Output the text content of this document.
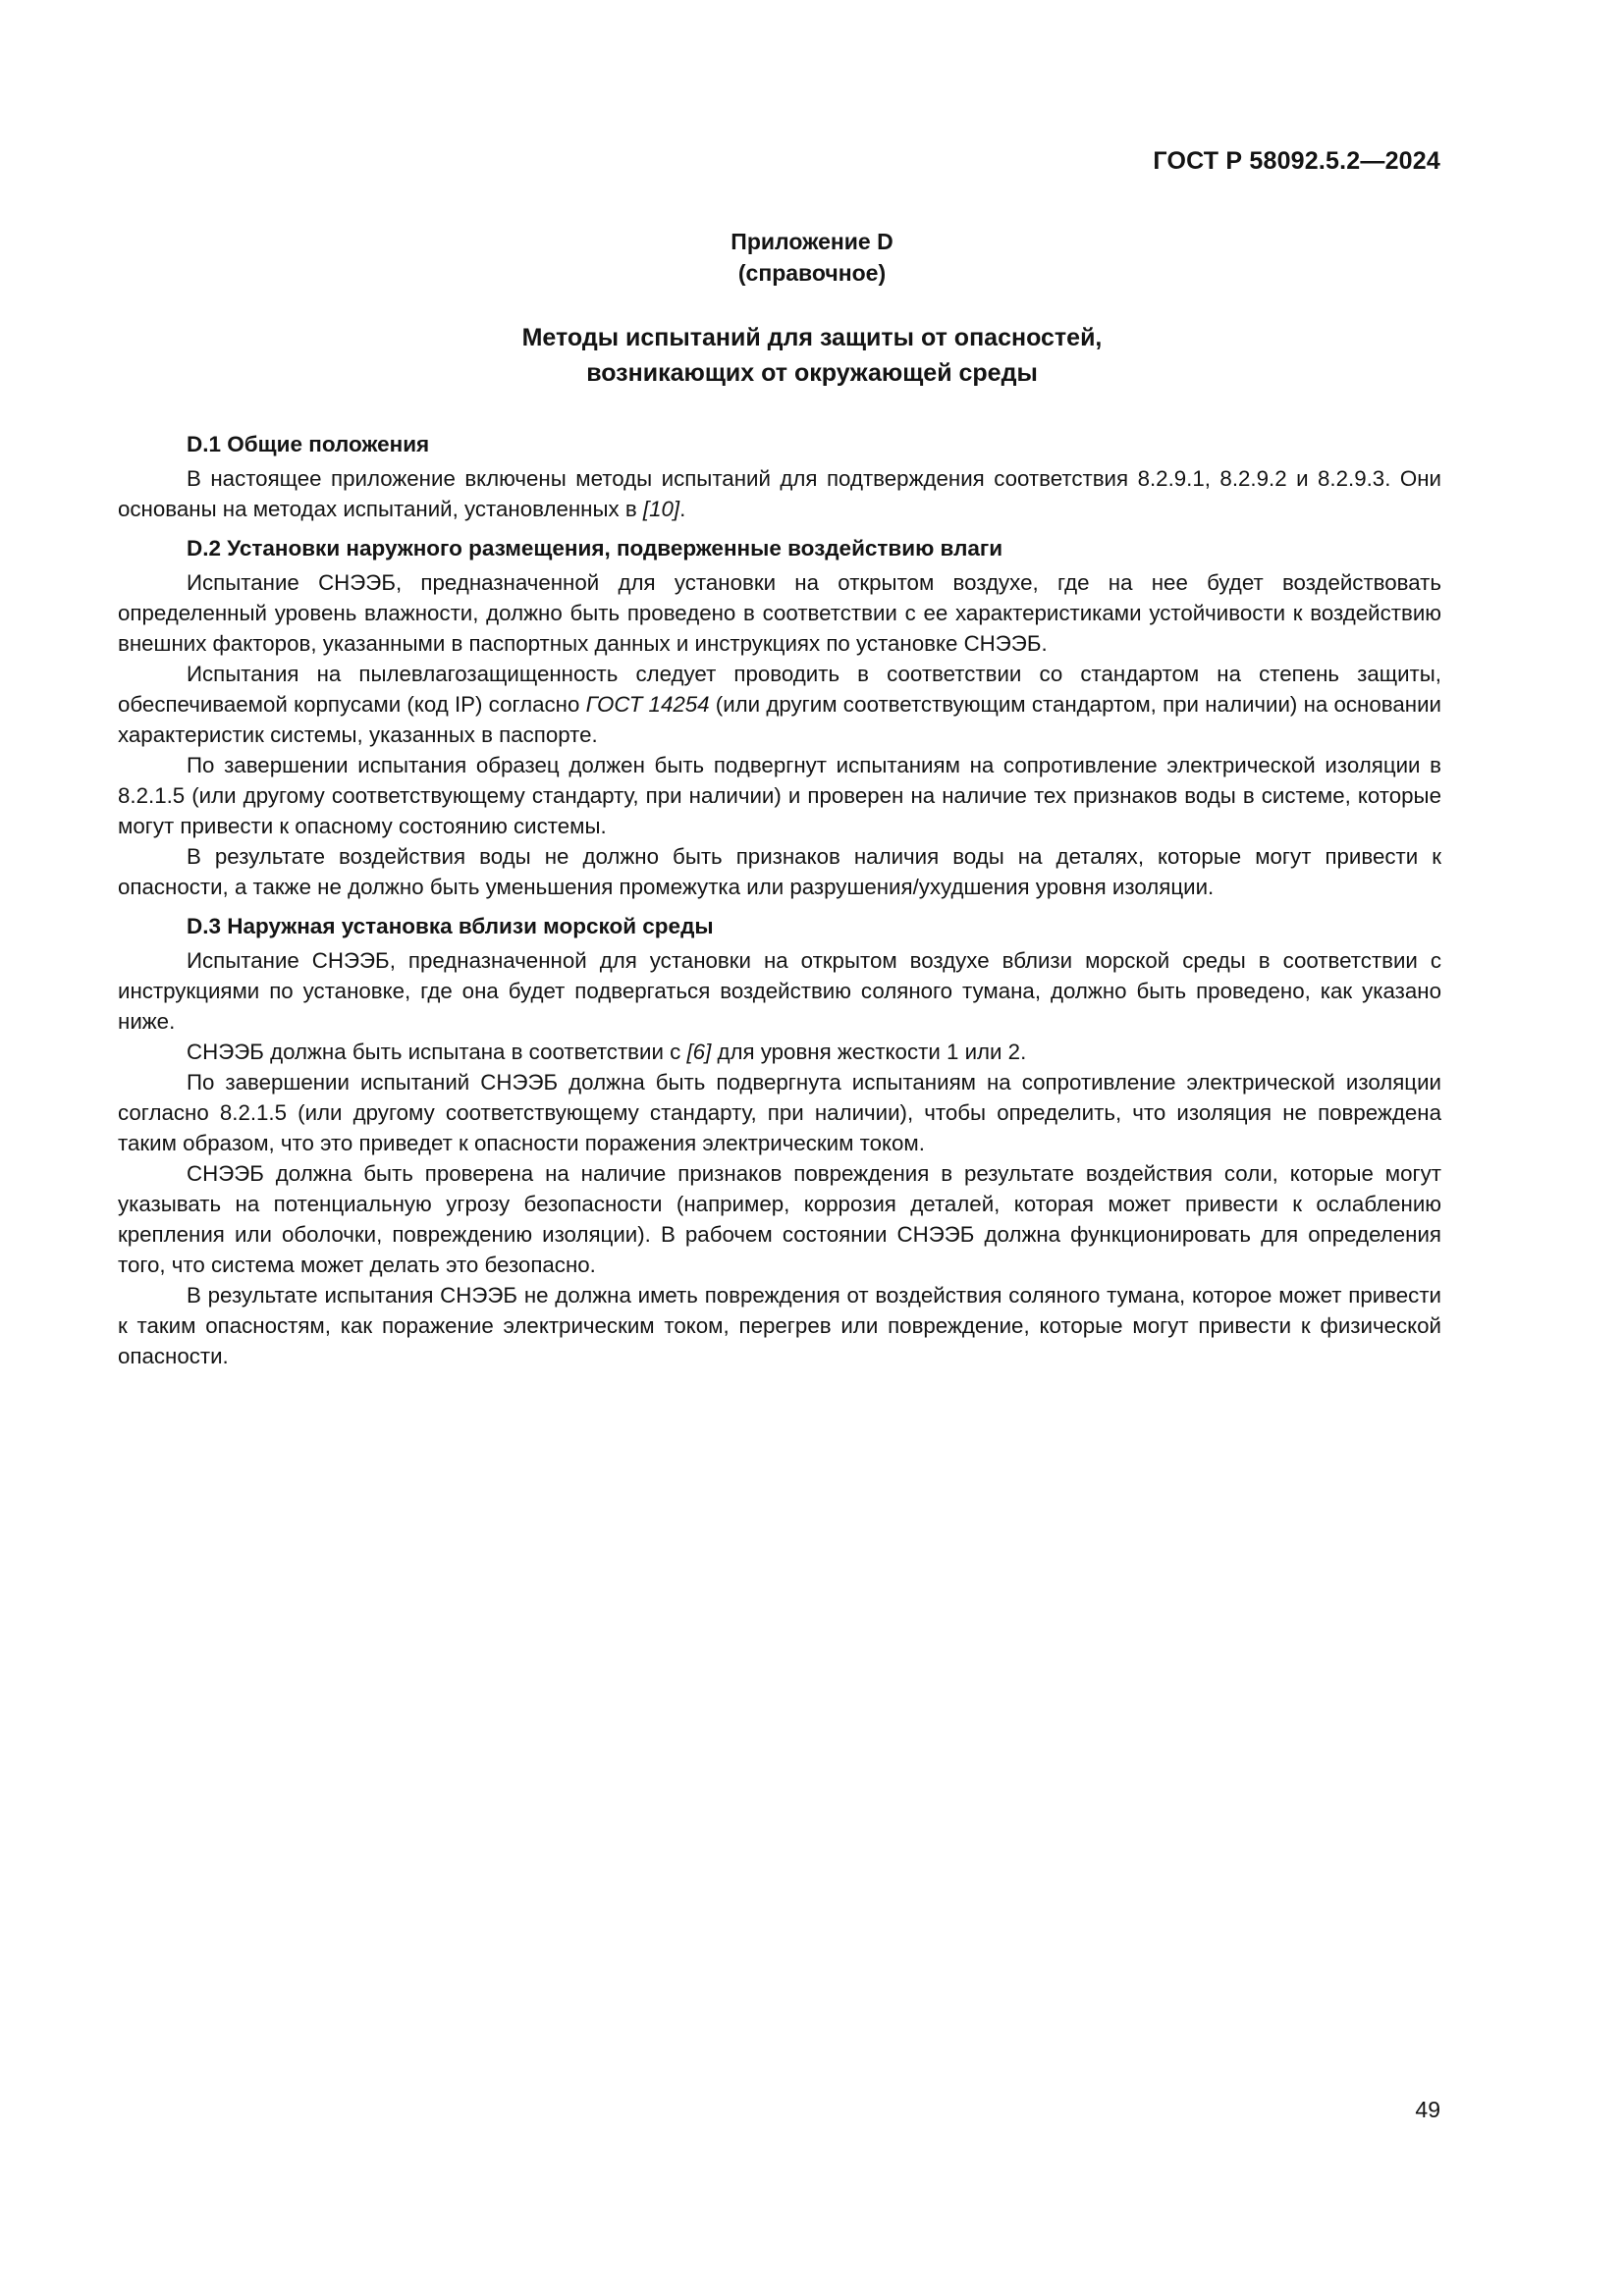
ГОСТ Р 58092.5.2—2024
Приложение D
(справочное)
Методы испытаний для защиты от опасностей,
возникающих от окружающей среды
D.1 Общие положения

В настоящее приложение включены методы испытаний для подтверждения соответствия 8.2.9.1, 8.2.9.2 и 8.2.9.3. Они основаны на методах испытаний, установленных в [10].

D.2 Установки наружного размещения, подверженные воздействию влаги

Испытание СНЭЭБ, предназначенной для установки на открытом воздухе, где на нее будет воздействовать определенный уровень влажности, должно быть проведено в соответствии с ее характеристиками устойчивости к воздействию внешних факторов, указанными в паспортных данных и инструкциях по установке СНЭЭБ.

Испытания на пылевлагозащищенность следует проводить в соответствии со стандартом на степень защиты, обеспечиваемой корпусами (код IP) согласно ГОСТ 14254 (или другим соответствующим стандартом, при наличии) на основании характеристик системы, указанных в паспорте.

По завершении испытания образец должен быть подвергнут испытаниям на сопротивление электрической изоляции в 8.2.1.5 (или другому соответствующему стандарту, при наличии) и проверен на наличие тех признаков воды в системе, которые могут привести к опасному состоянию системы.

В результате воздействия воды не должно быть признаков наличия воды на деталях, которые могут привести к опасности, а также не должно быть уменьшения промежутка или разрушения/ухудшения уровня изоляции.

D.3 Наружная установка вблизи морской среды

Испытание СНЭЭБ, предназначенной для установки на открытом воздухе вблизи морской среды в соответствии с инструкциями по установке, где она будет подвергаться воздействию соляного тумана, должно быть проведено, как указано ниже.

СНЭЭБ должна быть испытана в соответствии с [6] для уровня жесткости 1 или 2.

По завершении испытаний СНЭЭБ должна быть подвергнута испытаниям на сопротивление электрической изоляции согласно 8.2.1.5 (или другому соответствующему стандарту, при наличии), чтобы определить, что изоляция не повреждена таким образом, что это приведет к опасности поражения электрическим током.

СНЭЭБ должна быть проверена на наличие признаков повреждения в результате воздействия соли, которые могут указывать на потенциальную угрозу безопасности (например, коррозия деталей, которая может привести к ослаблению крепления или оболочки, повреждению изоляции). В рабочем состоянии СНЭЭБ должна функционировать для определения того, что система может делать это безопасно.

В результате испытания СНЭЭБ не должна иметь повреждения от воздействия соляного тумана, которое может привести к таким опасностям, как поражение электрическим током, перегрев или повреждение, которые могут привести к физической опасности.

49
